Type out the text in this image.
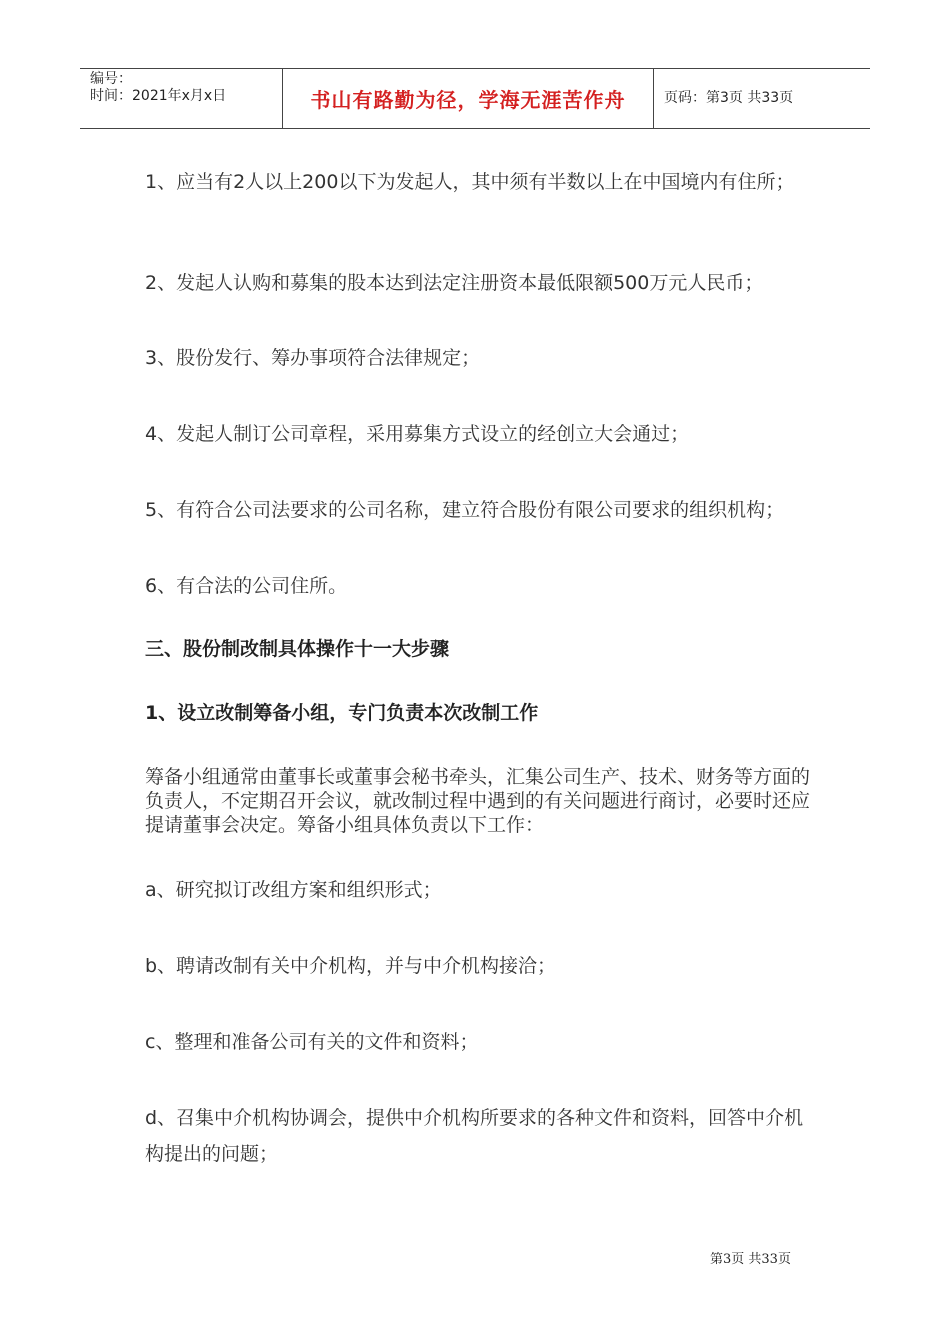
编号：
时间：2021年x月x日	书山有路勤为径，学海无涯苦作舟	页码：第3页 共33页

1、应当有2人以上200以下为发起人，其中须有半数以上在中国境内有住所；

2、发起人认购和募集的股本达到法定注册资本最低限额500万元人民币；

3、股份发行、筹办事项符合法律规定；

4、发起人制订公司章程，采用募集方式设立的经创立大会通过；

5、有符合公司法要求的公司名称，建立符合股份有限公司要求的组织机构；

6、有合法的公司住所。

三、股份制改制具体操作十一大步骤

1、设立改制筹备小组，专门负责本次改制工作

筹备小组通常由董事长或董事会秘书牵头，汇集公司生产、技术、财务等方面的负责人，不定期召开会议，就改制过程中遇到的有关问题进行商讨，必要时还应提请董事会决定。筹备小组具体负责以下工作：

a、研究拟订改组方案和组织形式；

b、聘请改制有关中介机构，并与中介机构接洽；

c、整理和准备公司有关的文件和资料；

d、召集中介机构协调会，提供中介机构所要求的各种文件和资料，回答中介机构提出的问题；

第3页 共33页
